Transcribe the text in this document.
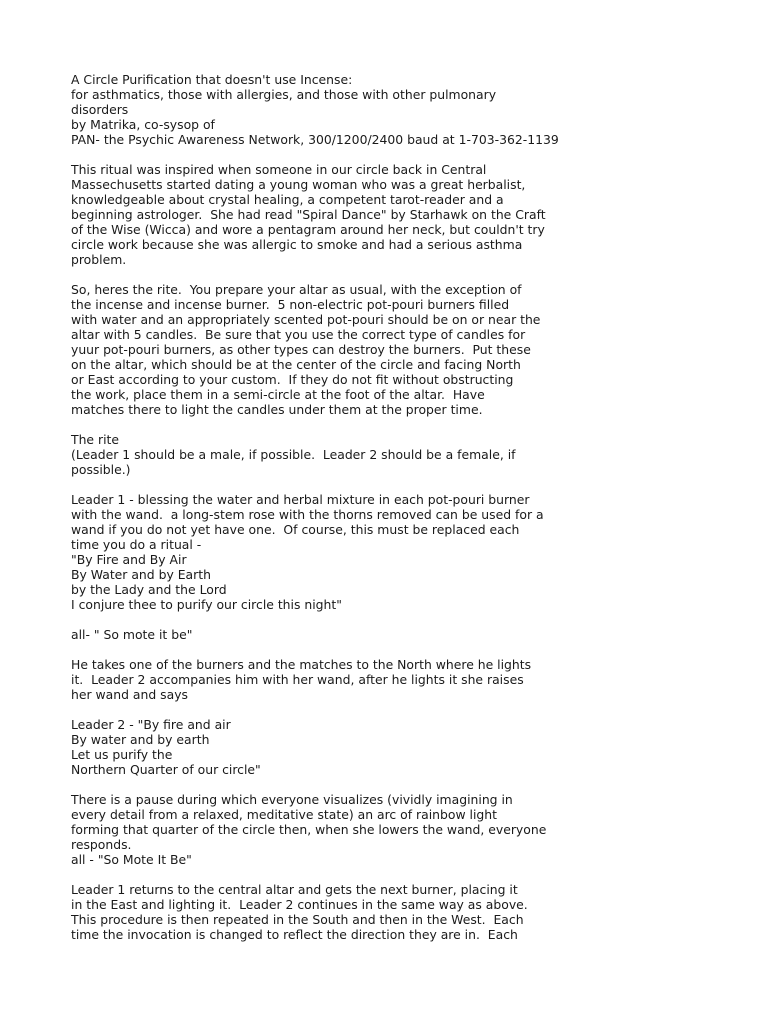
A Circle Purification that doesn't use Incense:
for asthmatics, those with allergies, and those with other pulmonary
disorders
by Matrika, co-sysop of
PAN- the Psychic Awareness Network, 300/1200/2400 baud at 1-703-362-1139
This ritual was inspired when someone in our circle back in Central
Massechusetts started dating a young woman who was a great herbalist,
knowledgeable about crystal healing, a competent tarot-reader and a
beginning astrologer.  She had read "Spiral Dance" by Starhawk on the Craft
of the Wise (Wicca) and wore a pentagram around her neck, but couldn't try
circle work because she was allergic to smoke and had a serious asthma
problem.
So, heres the rite.  You prepare your altar as usual, with the exception of
the incense and incense burner.  5 non-electric pot-pouri burners filled
with water and an appropriately scented pot-pouri should be on or near the
altar with 5 candles.  Be sure that you use the correct type of candles for
yuur pot-pouri burners, as other types can destroy the burners.  Put these
on the altar, which should be at the center of the circle and facing North
or East according to your custom.  If they do not fit without obstructing
the work, place them in a semi-circle at the foot of the altar.  Have
matches there to light the candles under them at the proper time.
The rite
(Leader 1 should be a male, if possible.  Leader 2 should be a female, if
possible.)
Leader 1 - blessing the water and herbal mixture in each pot-pouri burner
with the wand.  a long-stem rose with the thorns removed can be used for a
wand if you do not yet have one.  Of course, this must be replaced each
time you do a ritual -
"By Fire and By Air
By Water and by Earth
by the Lady and the Lord
I conjure thee to purify our circle this night"
all- " So mote it be"
He takes one of the burners and the matches to the North where he lights
it.  Leader 2 accompanies him with her wand, after he lights it she raises
her wand and says
Leader 2 - "By fire and air
By water and by earth
Let us purify the
Northern Quarter of our circle"
There is a pause during which everyone visualizes (vividly imagining in
every detail from a relaxed, meditative state) an arc of rainbow light
forming that quarter of the circle then, when she lowers the wand, everyone
responds.
all - "So Mote It Be"
Leader 1 returns to the central altar and gets the next burner, placing it
in the East and lighting it.  Leader 2 continues in the same way as above.
This procedure is then repeated in the South and then in the West.  Each
time the invocation is changed to reflect the direction they are in.  Each
